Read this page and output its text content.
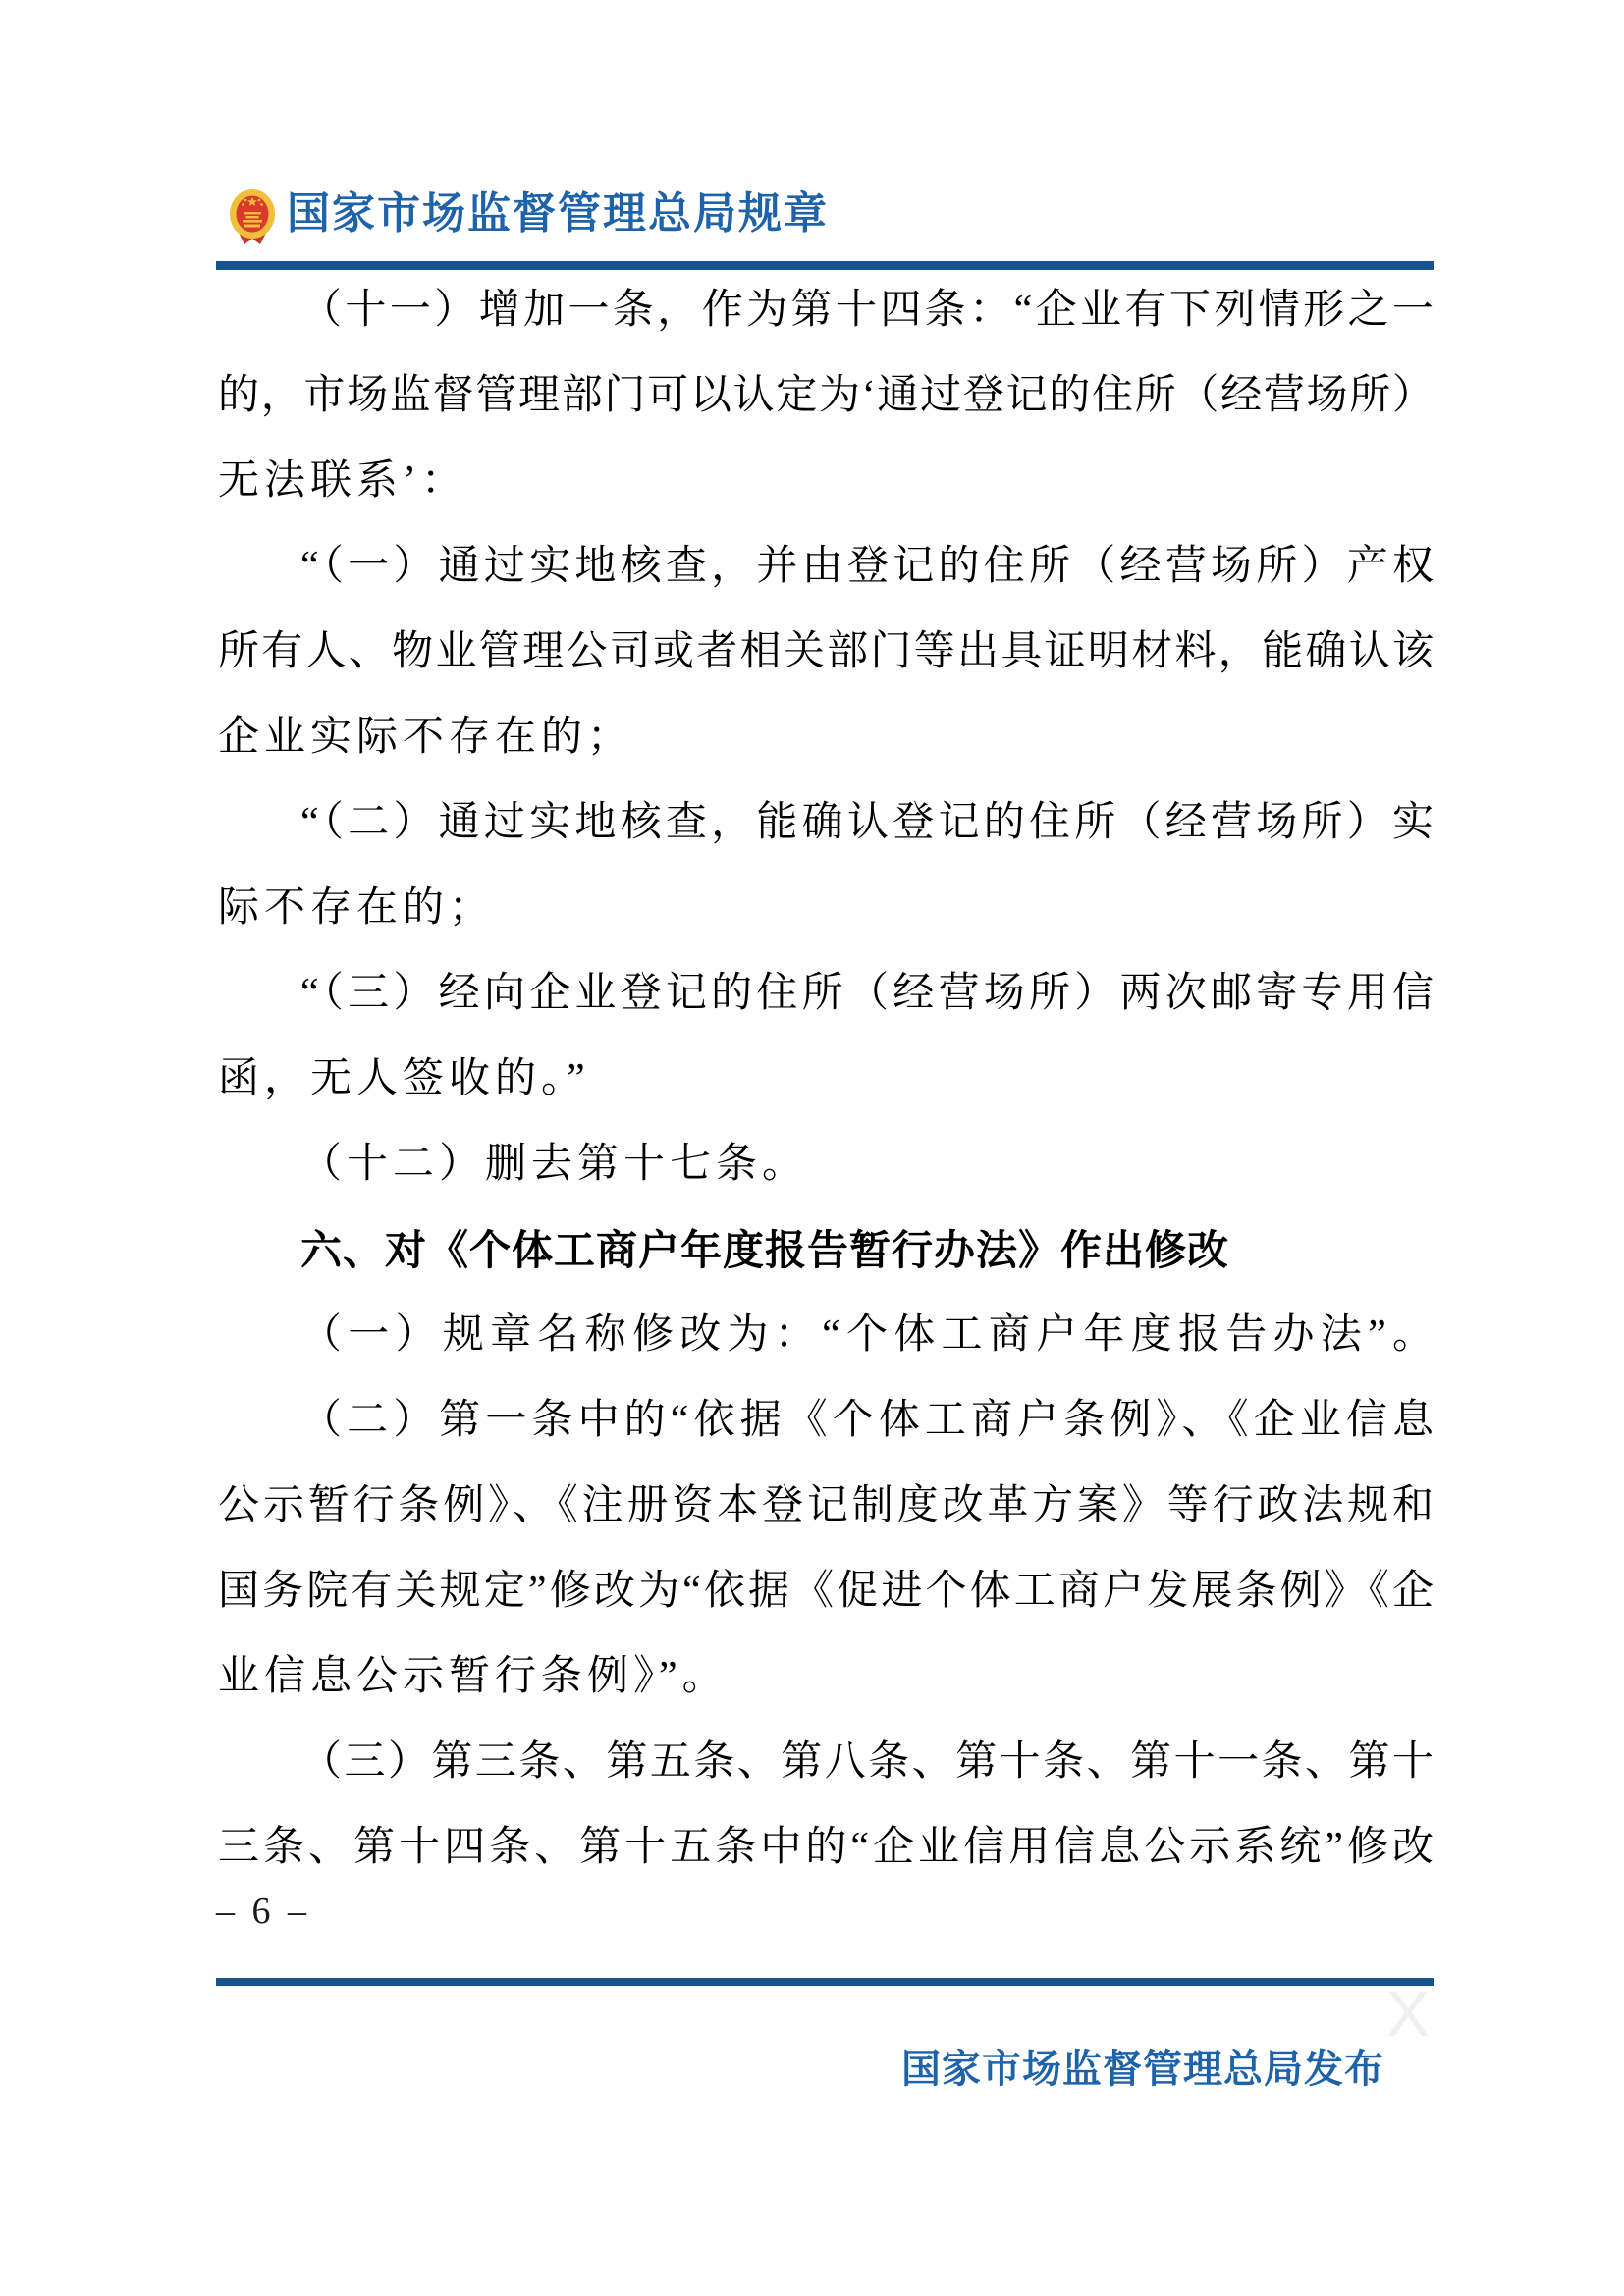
国家市场监督管理总局规章
（十一）增加一条，作为第十四条：“企业有下列情形之一
的，市场监督管理部门可以认定为‘通过登记的住所（经营场所）
无法联系’：
“（一）通过实地核查，并由登记的住所（经营场所）产权
所有人、物业管理公司或者相关部门等出具证明材料，能确认该
企业实际不存在的；
“（二）通过实地核查，能确认登记的住所（经营场所）实
际不存在的；
“（三）经向企业登记的住所（经营场所）两次邮寄专用信
函，无人签收的。”
（十二）删去第十七条。
六、对《个体工商户年度报告暂行办法》作出修改
（一）规章名称修改为：“个体工商户年度报告办法”。
（二）第一条中的“依据《个体工商户条例》、《企业信息
公示暂行条例》、《注册资本登记制度改革方案》等行政法规和
国务院有关规定”修改为“依据《促进个体工商户发展条例》《企
业信息公示暂行条例》”。
（三）第三条、第五条、第八条、第十条、第十一条、第十
三条、第十四条、第十五条中的“企业信用信息公示系统”修改
– 6 –
X
国家市场监督管理总局发布
